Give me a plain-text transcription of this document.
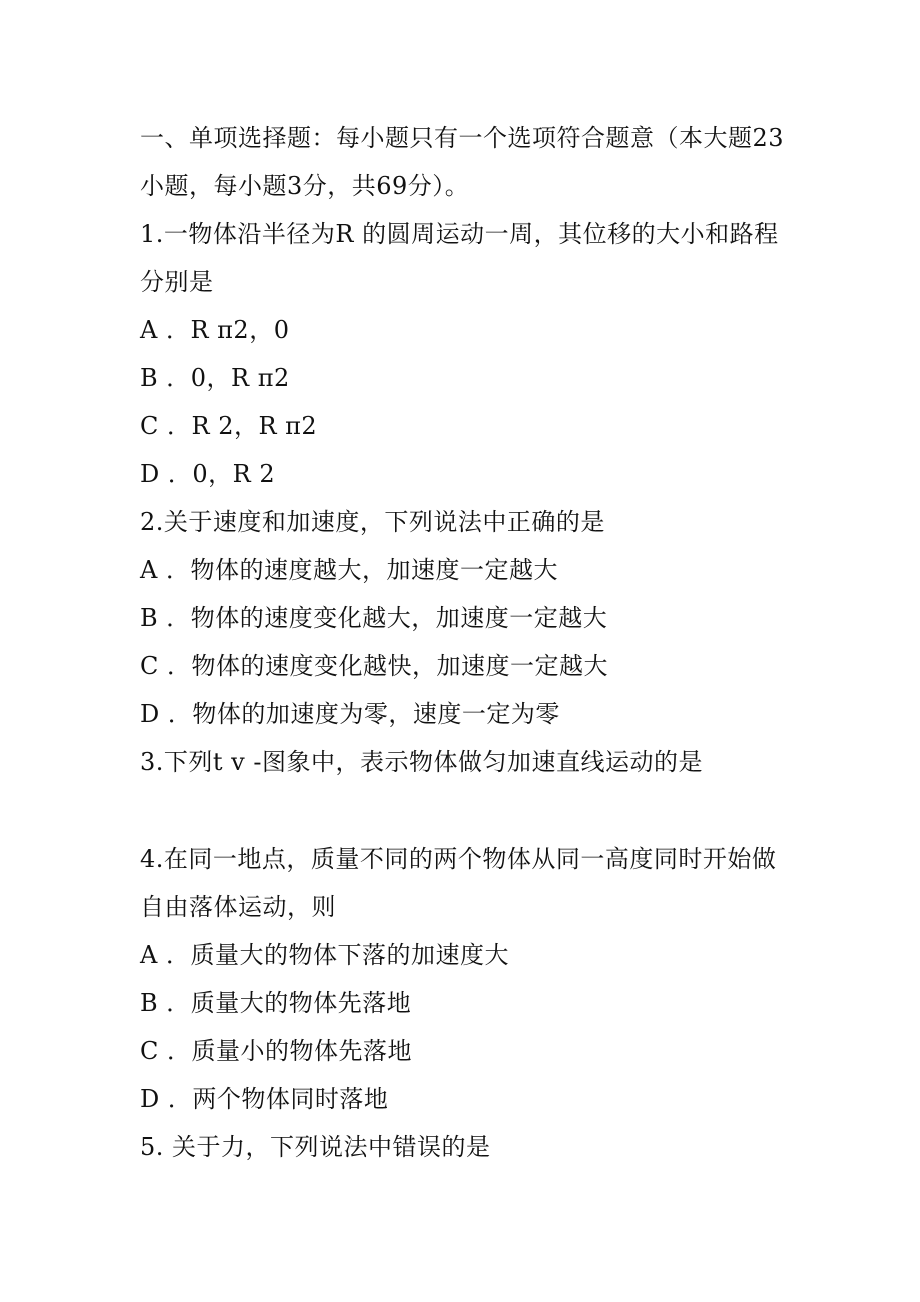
一、单项选择题：每小题只有一个选项符合题意（本大题23
小题，每小题3分，共69分）。
1.一物体沿半径为R 的圆周运动一周，其位移的大小和路程
分别是
A ．R π2，0
B ．0，R π2
C ．R 2，R π2
D ．0，R 2
2.关于速度和加速度，下列说法中正确的是
A ．物体的速度越大，加速度一定越大
B ．物体的速度变化越大，加速度一定越大
C ．物体的速度变化越快，加速度一定越大
D ．物体的加速度为零，速度一定为零
3.下列t v -图象中，表示物体做匀加速直线运动的是
4.在同一地点，质量不同的两个物体从同一高度同时开始做
自由落体运动，则
A ．质量大的物体下落的加速度大
B ．质量大的物体先落地
C ．质量小的物体先落地
D ．两个物体同时落地
5. 关于力，下列说法中错误的是
